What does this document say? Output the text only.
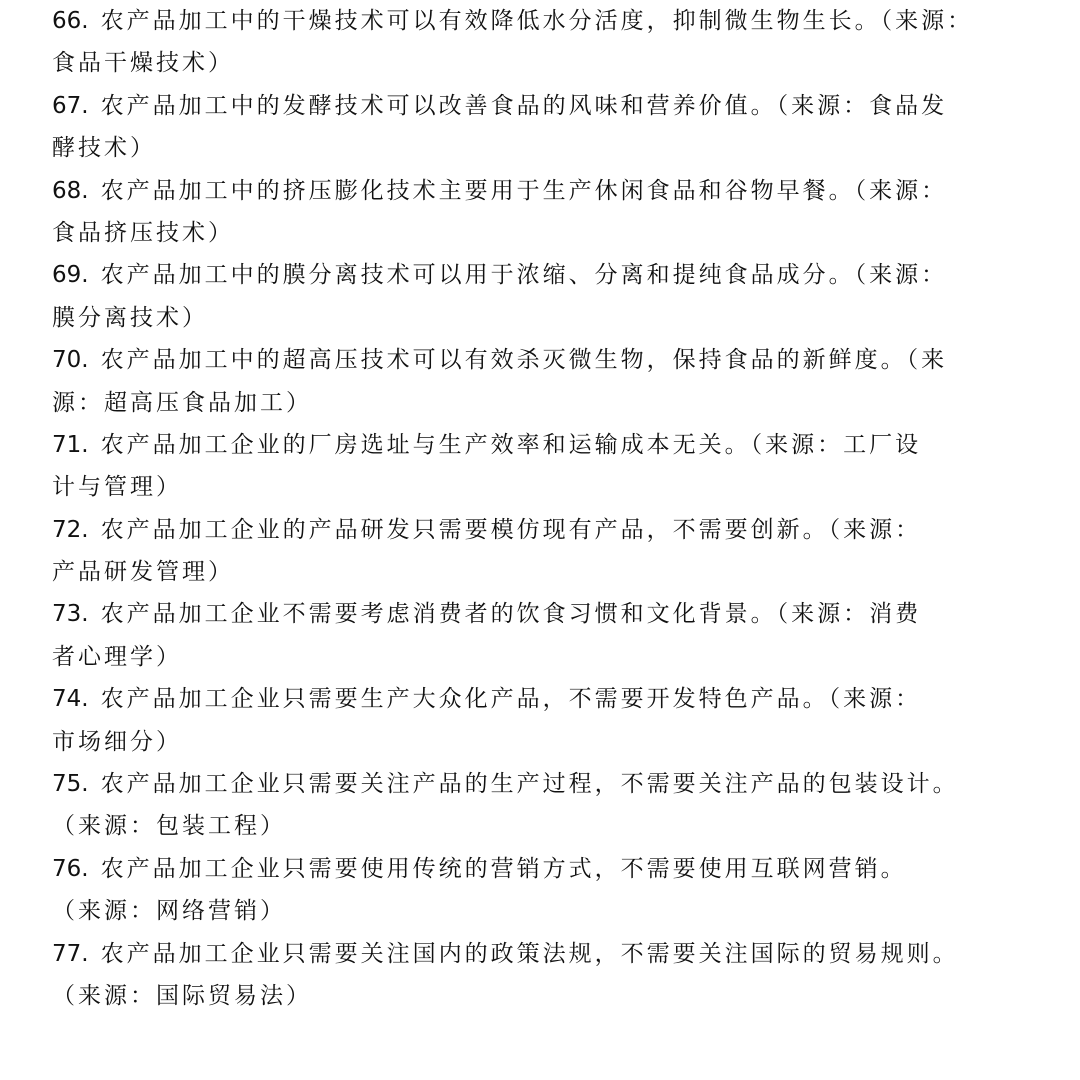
66. 农产品加工中的干燥技术可以有效降低水分活度，抑制微生物生长。（来源：
食品干燥技术）
67. 农产品加工中的发酵技术可以改善食品的风味和营养价值。（来源：食品发
酵技术）
68. 农产品加工中的挤压膨化技术主要用于生产休闲食品和谷物早餐。（来源：
食品挤压技术）
69. 农产品加工中的膜分离技术可以用于浓缩、分离和提纯食品成分。（来源：
膜分离技术）
70. 农产品加工中的超高压技术可以有效杀灭微生物，保持食品的新鲜度。（来
源：超高压食品加工）
71. 农产品加工企业的厂房选址与生产效率和运输成本无关。（来源：工厂设
计与管理）
72. 农产品加工企业的产品研发只需要模仿现有产品，不需要创新。（来源：
产品研发管理）
73. 农产品加工企业不需要考虑消费者的饮食习惯和文化背景。（来源：消费
者心理学）
74. 农产品加工企业只需要生产大众化产品，不需要开发特色产品。（来源：
市场细分）
75. 农产品加工企业只需要关注产品的生产过程，不需要关注产品的包装设计。
（来源：包装工程）
76. 农产品加工企业只需要使用传统的营销方式，不需要使用互联网营销。
（来源：网络营销）
77. 农产品加工企业只需要关注国内的政策法规，不需要关注国际的贸易规则。
（来源：国际贸易法）
